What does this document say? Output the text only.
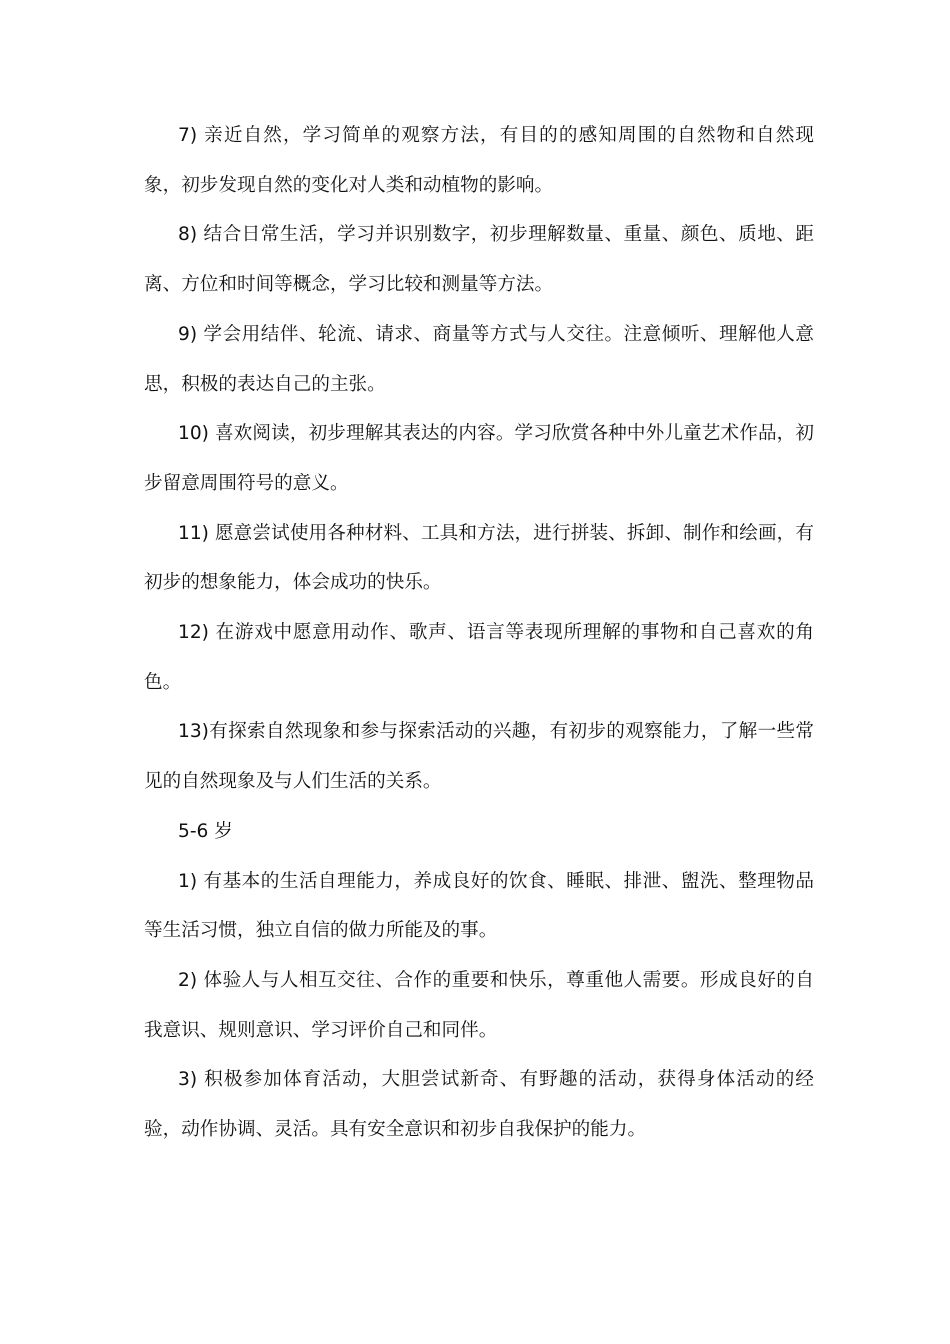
7) 亲近自然，学习简单的观察方法，有目的的感知周围的自然物和自然现象，初步发现自然的变化对人类和动植物的影响。

8) 结合日常生活，学习并识别数字，初步理解数量、重量、颜色、质地、距离、方位和时间等概念，学习比较和测量等方法。

9) 学会用结伴、轮流、请求、商量等方式与人交往。注意倾听、理解他人意思，积极的表达自己的主张。

10) 喜欢阅读，初步理解其表达的内容。学习欣赏各种中外儿童艺术作品，初步留意周围符号的意义。

11) 愿意尝试使用各种材料、工具和方法，进行拼装、拆卸、制作和绘画，有初步的想象能力，体会成功的快乐。

12) 在游戏中愿意用动作、歌声、语言等表现所理解的事物和自己喜欢的角色。

13)有探索自然现象和参与探索活动的兴趣，有初步的观察能力，了解一些常见的自然现象及与人们生活的关系。

5-6 岁

1) 有基本的生活自理能力，养成良好的饮食、睡眠、排泄、盥洗、整理物品等生活习惯，独立自信的做力所能及的事。

2) 体验人与人相互交往、合作的重要和快乐，尊重他人需要。形成良好的自我意识、规则意识、学习评价自己和同伴。

3) 积极参加体育活动，大胆尝试新奇、有野趣的活动，获得身体活动的经验，动作协调、灵活。具有安全意识和初步自我保护的能力。
